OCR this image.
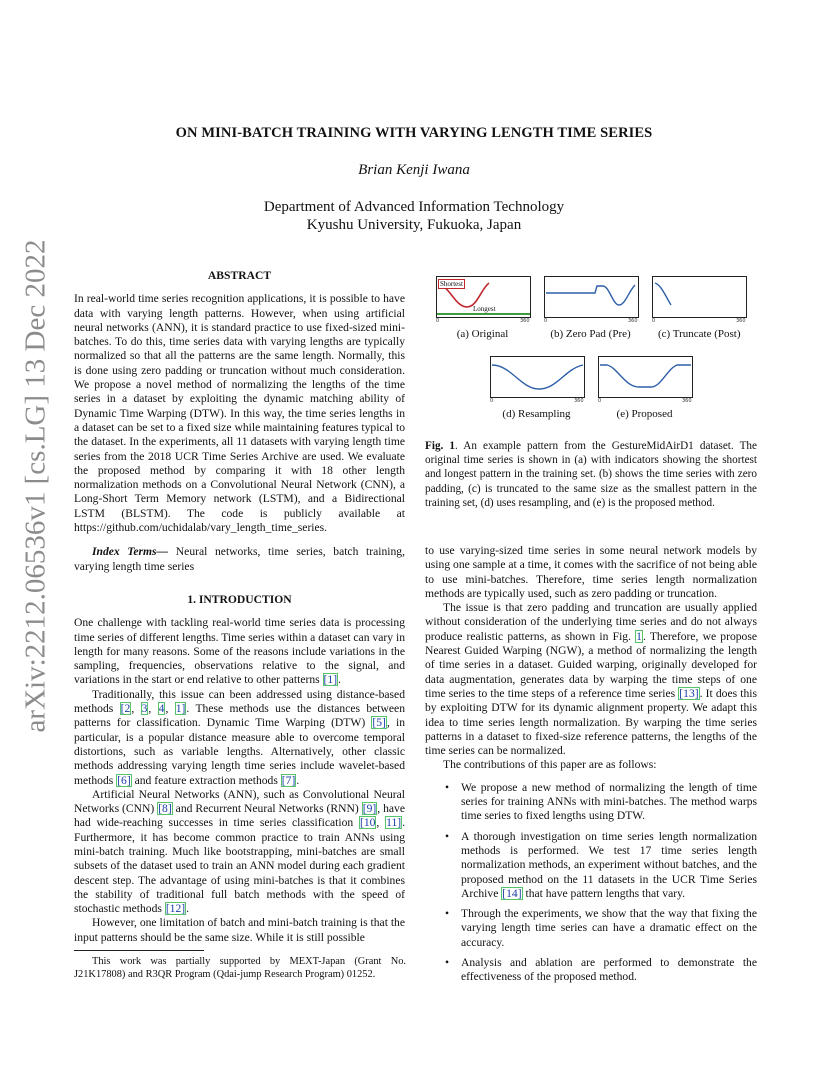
ON MINI-BATCH TRAINING WITH VARYING LENGTH TIME SERIES
Brian Kenji Iwana
Department of Advanced Information Technology
Kyushu University, Fukuoka, Japan
arXiv:2212.06536v1 [cs.LG] 13 Dec 2022	ABSTRACT

In real-world time series recognition applications, it is possible to have data with varying length patterns. However, when using artificial neural networks (ANN), it is standard practice to use fixed-sized mini-batches. To do this, time series data with varying lengths are typically normalized so that all the patterns are the same length. Normally, this is done using zero padding or truncation without much consideration. We propose a novel method of normalizing the lengths of the time series in a dataset by exploiting the dynamic matching ability of Dynamic Time Warping (DTW). In this way, the time series lengths in a dataset can be set to a fixed size while maintaining features typical to the dataset. In the experiments, all 11 datasets with varying length time series from the 2018 UCR Time Series Archive are used. We evaluate the proposed method by comparing it with 18 other length normalization methods on a Convolutional Neural Network (CNN), a Long-Short Term Memory network (LSTM), and a Bidirectional LSTM (BLSTM). The code is publicly available at https://github.com/uchidalab/vary_length_time_series.

Index Terms— Neural networks, time series, batch training, varying length time series

1. INTRODUCTION

One challenge with tackling real-world time series data is processing time series of different lengths. Time series within a dataset can vary in length for many reasons. Some of the reasons include variations in the sampling, frequencies, observations relative to the signal, and variations in the start or end relative to other patterns [1].

Traditionally, this issue can been addressed using distance-based methods [2, 3, 4, 1]. These methods use the distances between patterns for classification. Dynamic Time Warping (DTW) [5], in particular, is a popular distance measure able to overcome temporal distortions, such as variable lengths. Alternatively, other classic methods addressing varying length time series include wavelet-based methods [6] and feature extraction methods [7].

Artificial Neural Networks (ANN), such as Convolutional Neural Networks (CNN) [8] and Recurrent Neural Networks (RNN) [9], have had wide-reaching successes in time series classification [10, 11]. Furthermore, it has become common practice to train ANNs using mini-batch training. Much like bootstrapping, mini-batches are small subsets of the dataset used to train an ANN model during each gradient descent step. The advantage of using mini-batches is that it combines the stability of traditional full batch methods with the speed of stochastic methods [12].

However, one limitation of batch and mini-batch training is that the input patterns should be the same size. While it is still possible

This work was partially supported by MEXT-Japan (Grant No. J21K17808) and R3QR Program (Qdai-jump Research Program) 01252.
Shortest
Longest
0	360
(a) Original
0	360
(b) Zero Pad (Pre)
0	360
(c) Truncate (Post)
0	360
(d) Resampling
0	360
(e) Proposed
Fig. 1. An example pattern from the GestureMidAirD1 dataset. The original time series is shown in (a) with indicators showing the shortest and longest pattern in the training set. (b) shows the time series with zero padding, (c) is truncated to the same size as the smallest pattern in the training set, (d) uses resampling, and (e) is the proposed method.

to use varying-sized time series in some neural network models by using one sample at a time, it comes with the sacrifice of not being able to use mini-batches. Therefore, time series length normalization methods are typically used, such as zero padding or truncation.

The issue is that zero padding and truncation are usually applied without consideration of the underlying time series and do not always produce realistic patterns, as shown in Fig. 1. Therefore, we propose Nearest Guided Warping (NGW), a method of normalizing the length of time series in a dataset. Guided warping, originally developed for data augmentation, generates data by warping the time steps of one time series to the time steps of a reference time series [13]. It does this by exploiting DTW for its dynamic alignment property. We adapt this idea to time series length normalization. By warping the time series patterns in a dataset to fixed-size reference patterns, the lengths of the time series can be normalized.

The contributions of this paper are as follows:

• We propose a new method of normalizing the length of time series for training ANNs with mini-batches. The method warps time series to fixed lengths using DTW.
• A thorough investigation on time series length normalization methods is performed. We test 17 time series length normalization methods, an experiment without batches, and the proposed method on the 11 datasets in the UCR Time Series Archive [14] that have pattern lengths that vary.
• Through the experiments, we show that the way that fixing the varying length time series can have a dramatic effect on the accuracy.
• Analysis and ablation are performed to demonstrate the effectiveness of the proposed method.
